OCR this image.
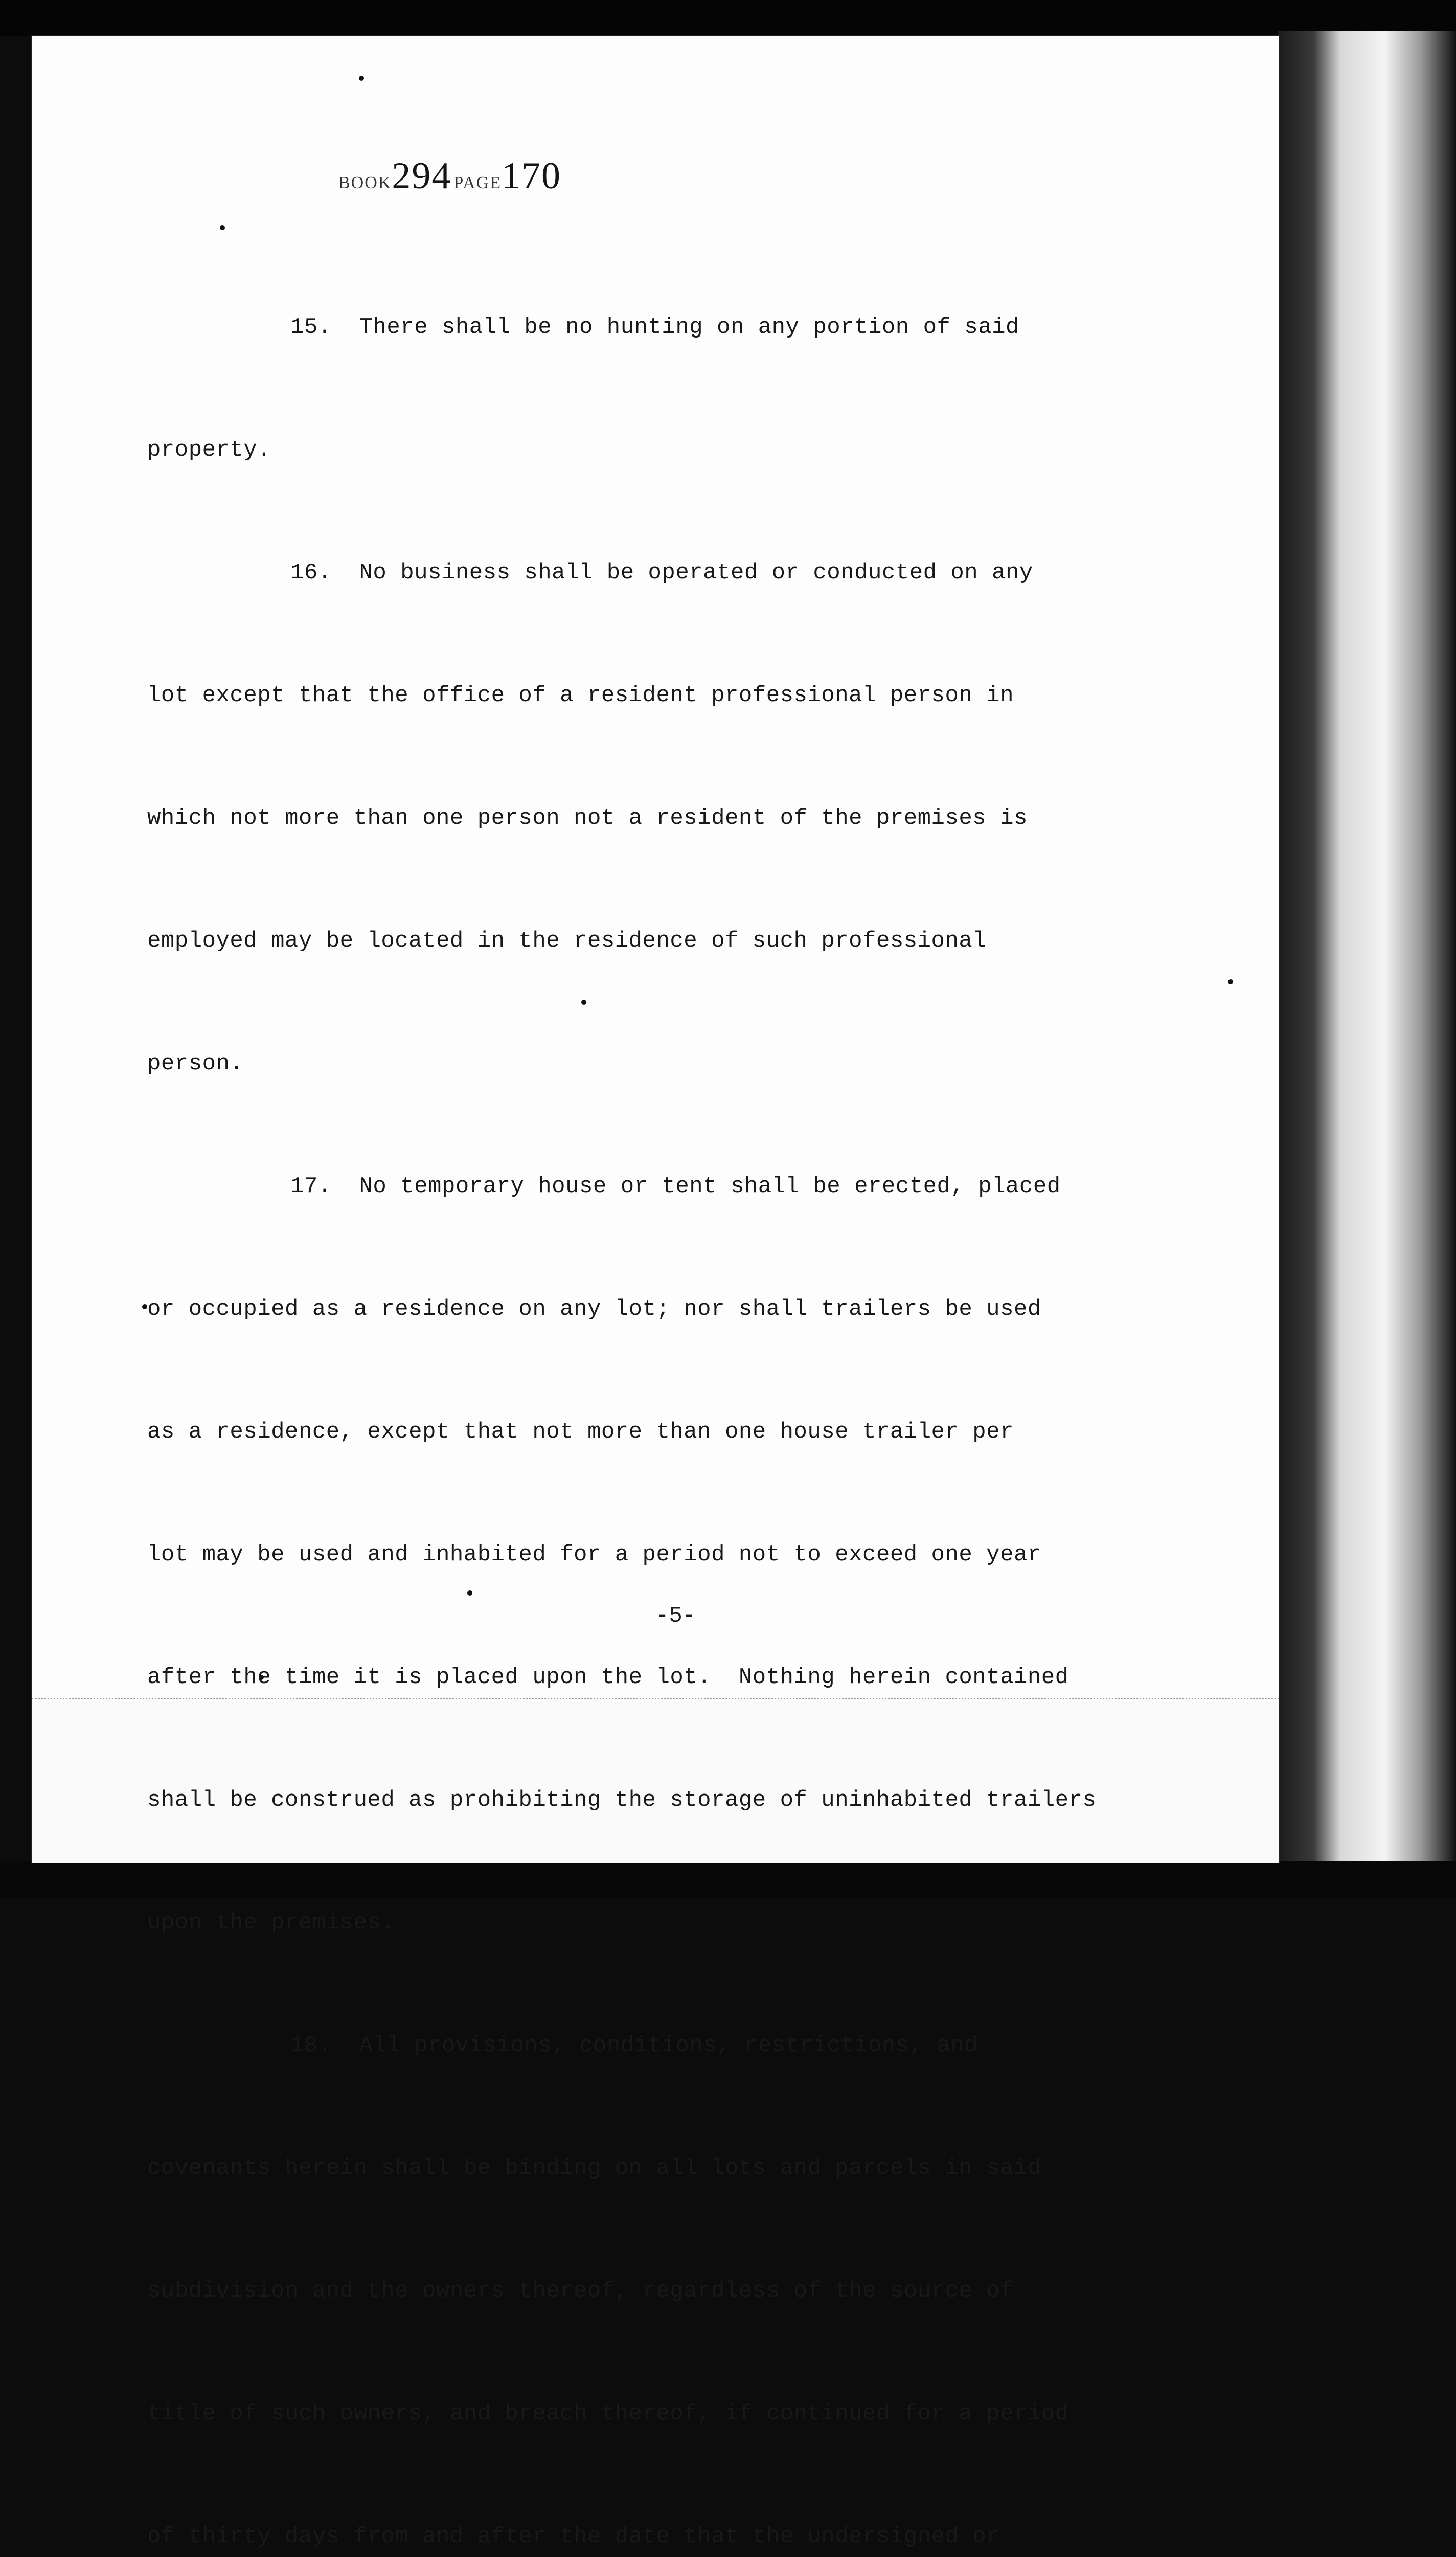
BOOK294 PAGE170
-5-

15.  There shall be no hunting on any portion of said

property.

16.  No business shall be operated or conducted on any

lot except that the office of a resident professional person in

which not more than one person not a resident of the premises is

employed may be located in the residence of such professional

person.

17.  No temporary house or tent shall be erected, placed

or occupied as a residence on any lot; nor shall trailers be used

as a residence, except that not more than one house trailer per

lot may be used and inhabited for a period not to exceed one year

after the time it is placed upon the lot.  Nothing herein contained

shall be construed as prohibiting the storage of uninhabited trailers

upon the premises.

18.  All provisions, conditions, restrictions, and

covenants herein shall be binding on all lots and parcels in said

subdivision and the owners thereof, regardless of the source of

title of such owners, and breach thereof, if continued for a period

of thirty days from and after the date that the undersigned or
